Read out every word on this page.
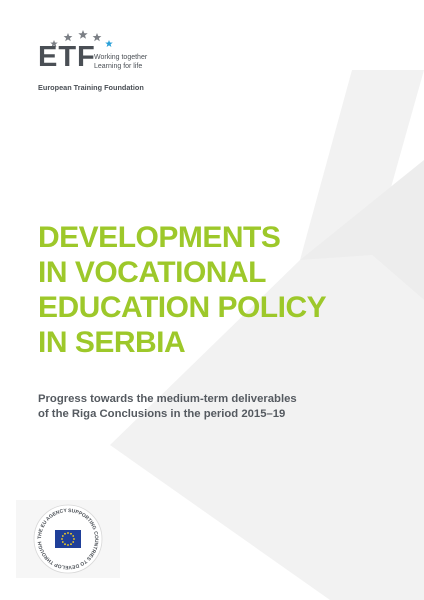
ETF
Working together
Learning for life
European Training Foundation
DEVELOPMENTS
IN VOCATIONAL
EDUCATION POLICY
IN SERBIA
Progress towards the medium-term deliverables
of the Riga Conclusions in the period 2015–19
THE EU AGENCY SUPPORTING COUNTRIES TO DEVELOP THROUGH
